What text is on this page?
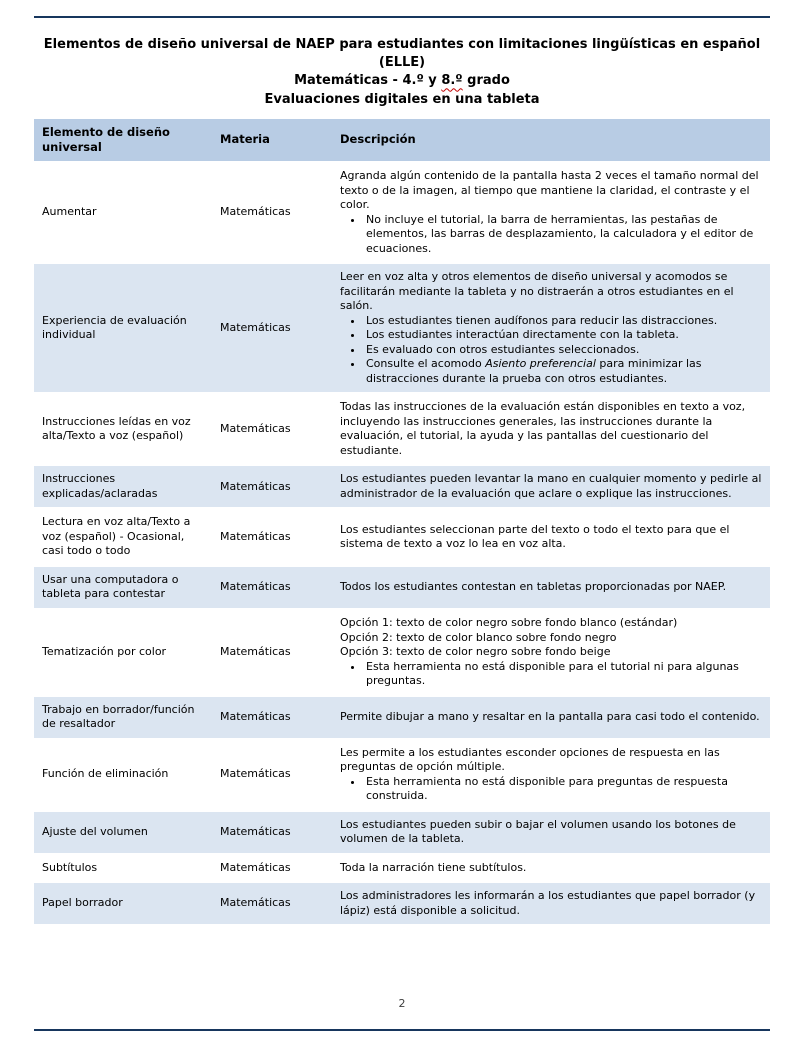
Elementos de diseño universal de NAEP para estudiantes con limitaciones lingüísticas en español
(ELLE)
Matemáticas - 4.º y 8.º grado
Evaluaciones digitales en una tableta
Elemento de diseño universal	Materia	Descripción
Aumentar	Matemáticas	
Agranda algún contenido de la pantalla hasta 2 veces el tamaño normal del texto o de la imagen, al tiempo que mantiene la claridad, el contraste y el color.
• No incluye el tutorial, la barra de herramientas, las pestañas de elementos, las barras de desplazamiento, la calculadora y el editor de ecuaciones.

Experiencia de evaluación individual	Matemáticas	
Leer en voz alta y otros elementos de diseño universal y acomodos se facilitarán mediante la tableta y no distraerán a otros estudiantes en el salón.
• Los estudiantes tienen audífonos para reducir las distracciones.
• Los estudiantes interactúan directamente con la tableta.
• Es evaluado con otros estudiantes seleccionados.
• Consulte el acomodo Asiento preferencial para minimizar las distracciones durante la prueba con otros estudiantes.

Instrucciones leídas en voz alta/Texto a voz (español)	Matemáticas	Todas las instrucciones de la evaluación están disponibles en texto a voz, incluyendo las instrucciones generales, las instrucciones durante la evaluación, el tutorial, la ayuda y las pantallas del cuestionario del estudiante.

Instrucciones explicadas/aclaradas	Matemáticas	Los estudiantes pueden levantar la mano en cualquier momento y pedirle al administrador de la evaluación que aclare o explique las instrucciones.

Lectura en voz alta/Texto a voz (español) - Ocasional, casi todo o todo	Matemáticas	Los estudiantes seleccionan parte del texto o todo el texto para que el sistema de texto a voz lo lea en voz alta.

Usar una computadora o tableta para contestar	Matemáticas	Todos los estudiantes contestan en tabletas proporcionadas por NAEP.

Tematización por color	Matemáticas	
Opción 1: texto de color negro sobre fondo blanco (estándar)
Opción 2: texto de color blanco sobre fondo negro
Opción 3: texto de color negro sobre fondo beige
• Esta herramienta no está disponible para el tutorial ni para algunas preguntas.

Trabajo en borrador/función de resaltador	Matemáticas	Permite dibujar a mano y resaltar en la pantalla para casi todo el contenido.

Función de eliminación	Matemáticas	
Les permite a los estudiantes esconder opciones de respuesta en las preguntas de opción múltiple.
• Esta herramienta no está disponible para preguntas de respuesta construida.

Ajuste del volumen	Matemáticas	Los estudiantes pueden subir o bajar el volumen usando los botones de volumen de la tableta.

Subtítulos	Matemáticas	Toda la narración tiene subtítulos.

Papel borrador	Matemáticas	Los administradores les informarán a los estudiantes que papel borrador (y lápiz) está disponible a solicitud.
2
